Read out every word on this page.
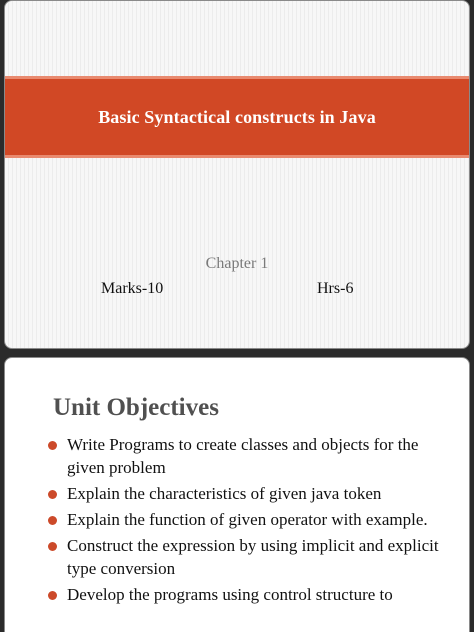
Basic Syntactical constructs in Java
Chapter 1
Marks-10	Hrs-6
Unit Objectives
Write Programs to create classes and objects for the given problem
Explain the characteristics of given java token
Explain the function of given operator with example.
Construct the expression by using implicit and explicit type conversion
Develop the programs using control structure to
